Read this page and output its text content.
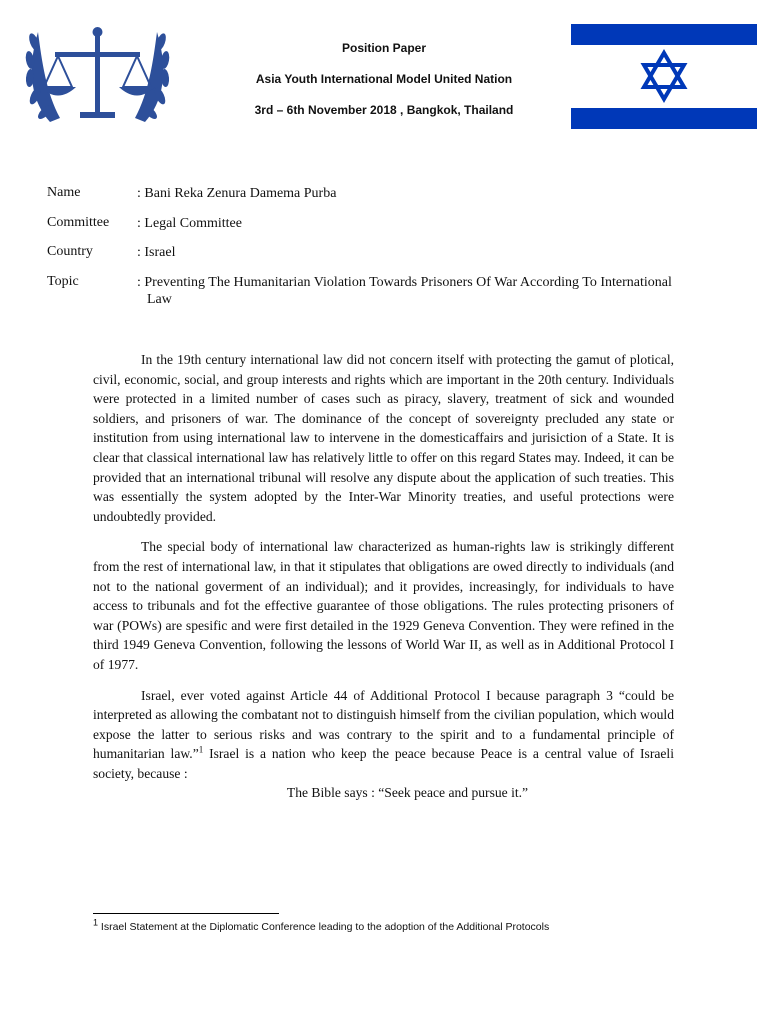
Position Paper
Asia Youth International Model United Nation
3rd – 6th November 2018 , Bangkok, Thailand
Name	: Bani Reka Zenura Damema Purba
Committee : Legal Committee
Country	: Israel
Topic	: Preventing The Humanitarian Violation Towards Prisoners Of War According To International Law

In the 19th century international law did not concern itself with protecting the gamut of plotical, civil, economic, social, and group interests and rights which are important in the 20th century. Individuals were protected in a limited number of cases such as piracy, slavery, treatment of sick and wounded soldiers, and prisoners of war. The dominance of the concept of sovereignty precluded any state or institution from using international law to intervene in the domesticaffairs and jurisiction of a State. It is clear that classical international law has relatively little to offer on this regard States may. Indeed, it can be provided that an international tribunal will resolve any dispute about the application of such treaties. This was essentially the system adopted by the Inter-War Minority treaties, and useful protections were undoubtedly provided.

The special body of international law characterized as human-rights law is strikingly different from the rest of international law, in that it stipulates that obligations are owed directly to individuals (and not to the national goverment of an individual); and it provides, increasingly, for individuals to have access to tribunals and fot the effective guarantee of those obligations. The rules protecting prisoners of war (POWs) are spesific and were first detailed in the 1929 Geneva Convention. They were refined in the third 1949 Geneva Convention, following the lessons of World War II, as well as in Additional Protocol I of 1977.

Israel, ever voted against Article 44 of Additional Protocol I because paragraph 3 “could be interpreted as allowing the combatant not to distinguish himself from the civilian population, which would expose the latter to serious risks and was contrary to the spirit and to a fundamental principle of humanitarian law.”$^1$ Israel is a nation who keep the peace because Peace is a central value of Israeli society, because :

The Bible says : “Seek peace and pursue it.”

$^1$ Israel Statement at the Diplomatic Conference leading to the adoption of the Additional Protocols
